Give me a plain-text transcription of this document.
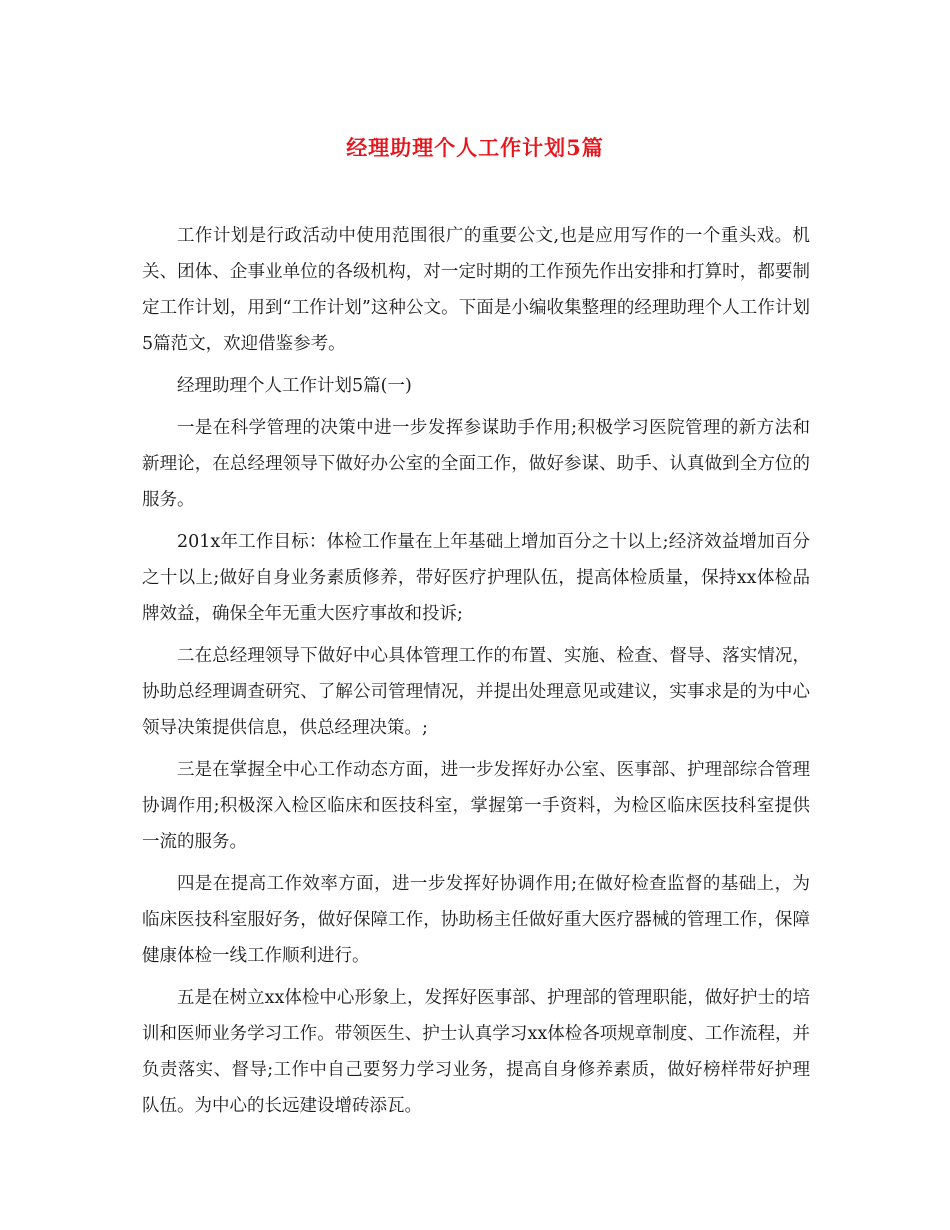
经理助理个人工作计划5篇

工作计划是行政活动中使用范围很广的重要公文,也是应用写作的一个重头戏。机关、团体、企事业单位的各级机构，对一定时期的工作预先作出安排和打算时，都要制定工作计划，用到“工作计划”这种公文。下面是小编收集整理的经理助理个人工作计划5篇范文，欢迎借鉴参考。

经理助理个人工作计划5篇(一)

一是在科学管理的决策中进一步发挥参谋助手作用;积极学习医院管理的新方法和新理论，在总经理领导下做好办公室的全面工作，做好参谋、助手、认真做到全方位的服务。

201x年工作目标：体检工作量在上年基础上增加百分之十以上;经济效益增加百分之十以上;做好自身业务素质修养，带好医疗护理队伍，提高体检质量，保持xx体检品牌效益，确保全年无重大医疗事故和投诉;

二在总经理领导下做好中心具体管理工作的布置、实施、检查、督导、落实情况，协助总经理调查研究、了解公司管理情况，并提出处理意见或建议，实事求是的为中心领导决策提供信息，供总经理决策。;

三是在掌握全中心工作动态方面，进一步发挥好办公室、医事部、护理部综合管理协调作用;积极深入检区临床和医技科室，掌握第一手资料，为检区临床医技科室提供一流的服务。

四是在提高工作效率方面，进一步发挥好协调作用;在做好检查监督的基础上，为临床医技科室服好务，做好保障工作，协助杨主任做好重大医疗器械的管理工作，保障健康体检一线工作顺利进行。

五是在树立xx体检中心形象上，发挥好医事部、护理部的管理职能，做好护士的培训和医师业务学习工作。带领医生、护士认真学习xx体检各项规章制度、工作流程，并负责落实、督导;工作中自己要努力学习业务，提高自身修养素质，做好榜样带好护理队伍。为中心的长远建设增砖添瓦。
